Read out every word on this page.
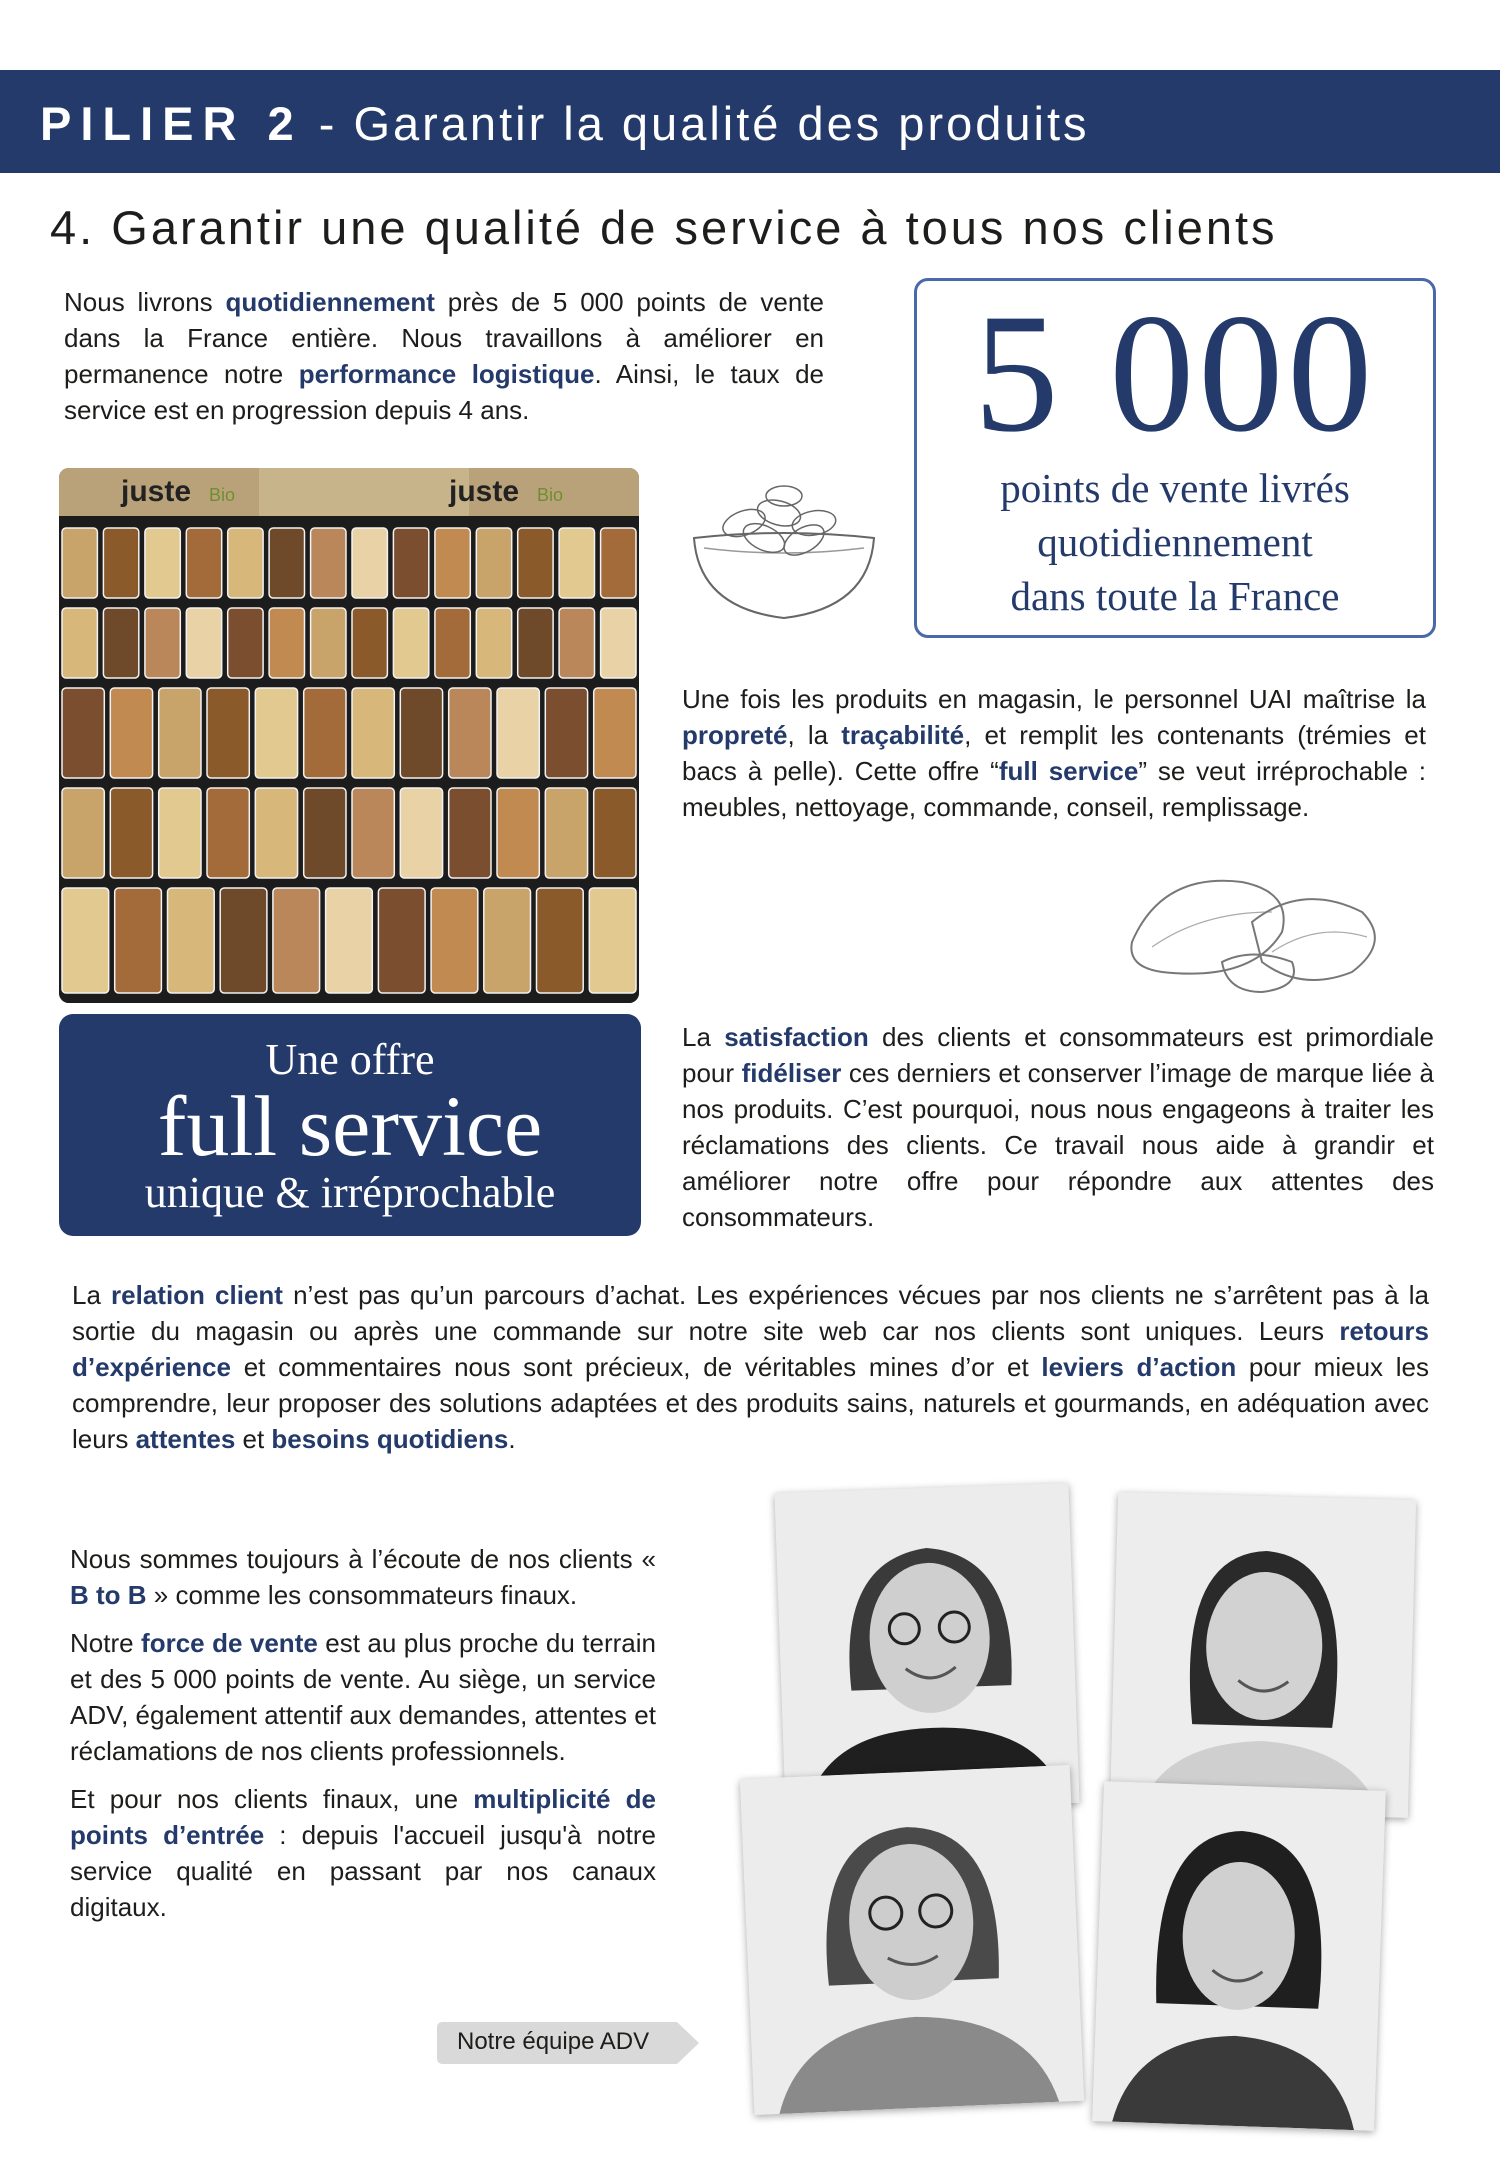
PILIER 2 - Garantir la qualité des produits
4. Garantir une qualité de service à tous nos clients

Nous livrons quotidiennement près de 5 000 points de vente dans la France entière. Nous travaillons à améliorer en permanence notre performance logistique. Ainsi, le taux de service est en progression depuis 4 ans.	5 000
points de vente livrés
quotidiennement
dans toute la France
juste Bio	juste Bio

Une fois les produits en magasin, le personnel UAI maîtrise la propreté, la traçabilité, et remplit les contenants (trémies et bacs à pelle). Cette offre “full service” se veut irréprochable : meubles, nettoyage, commande, conseil, remplissage.

Une offre
full service
unique & irréprochable

La satisfaction des clients et consommateurs est primordiale pour fidéliser ces derniers et conserver l’image de marque liée à nos produits. C’est pourquoi, nous nous engageons à traiter les réclamations des clients. Ce travail nous aide à grandir et améliorer notre offre pour répondre aux attentes des consommateurs.

La relation client n’est pas qu’un parcours d’achat. Les expériences vécues par nos clients ne s’arrêtent pas à la sortie du magasin ou après une commande sur notre site web car nos clients sont uniques. Leurs retours d’expérience et commentaires nous sont précieux, de véritables mines d’or et leviers d’action pour mieux les comprendre, leur proposer des solutions adaptées et des produits sains, naturels et gourmands, en adéquation avec leurs attentes et besoins quotidiens.

Nous sommes toujours à l’écoute de nos clients « B to B » comme les consommateurs finaux.

Notre force de vente est au plus proche du terrain et des 5 000 points de vente. Au siège, un service ADV, également attentif aux demandes, attentes et réclamations de nos clients professionnels.

Et pour nos clients finaux, une multiplicité de points d’entrée : depuis l'accueil jusqu'à notre service qualité en passant par nos canaux digitaux.

Notre équipe ADV
